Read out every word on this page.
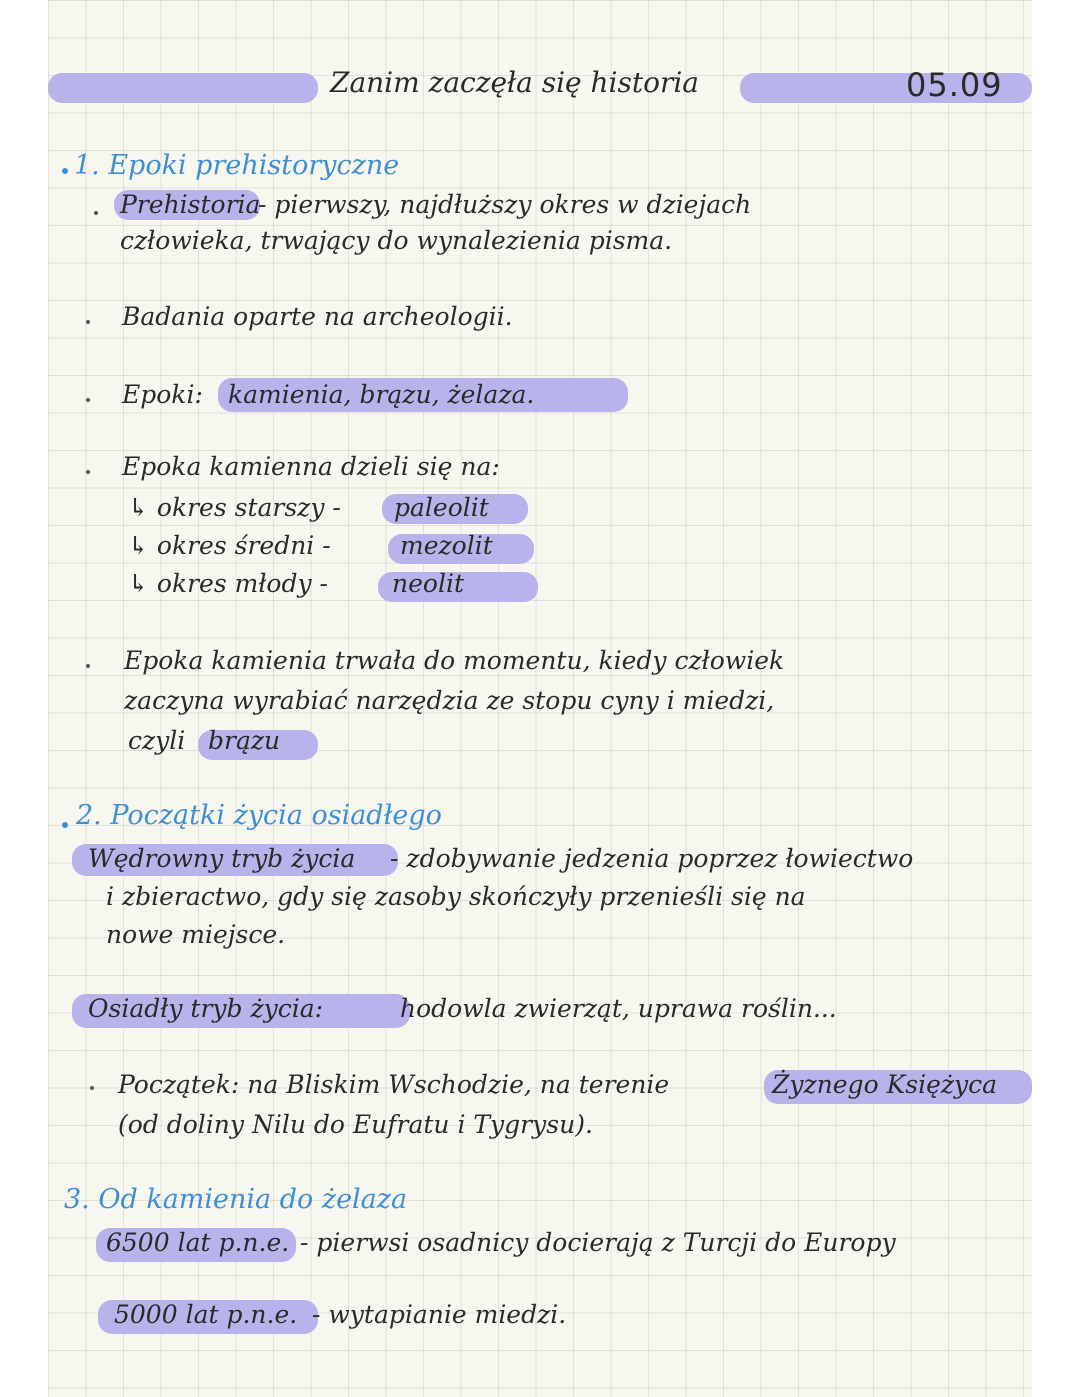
Zanim zaczęła się historia	05.09
1. Epoki prehistoryczne
Prehistoria
- pierwszy, najdłuższy okres w dziejach
człowieka, trwający do wynalezienia pisma.
Badania oparte na archeologii.
Epoki: kamienia, brązu, żelaza.
Epoka kamienna dzieli się na:
↳ okres starszy - paleolit
↳ okres średni -	mezolit
↳ okres młody -	neolit
Epoka kamienia trwała do momentu, kiedy człowiek
zaczyna wyrabiać narzędzia ze stopu cyny i miedzi,
czyli brązu
2. Początki życia osiadłego
Wędrowny tryb życia - zdobywanie jedzenia poprzez łowiectwo
i zbieractwo, gdy się zasoby skończyły przenieśli się na
nowe miejsce.
Osiadły tryb życia:	hodowla zwierząt, uprawa roślin...
Początek: na Bliskim Wschodzie, na terenie	Żyznego Księżyca
(od doliny Nilu do Eufratu i Tygrysu).
3. Od kamienia do żelaza
6500 lat p.n.e. - pierwsi osadnicy docierają z Turcji do Europy
5000 lat p.n.e. - wytapianie miedzi.
